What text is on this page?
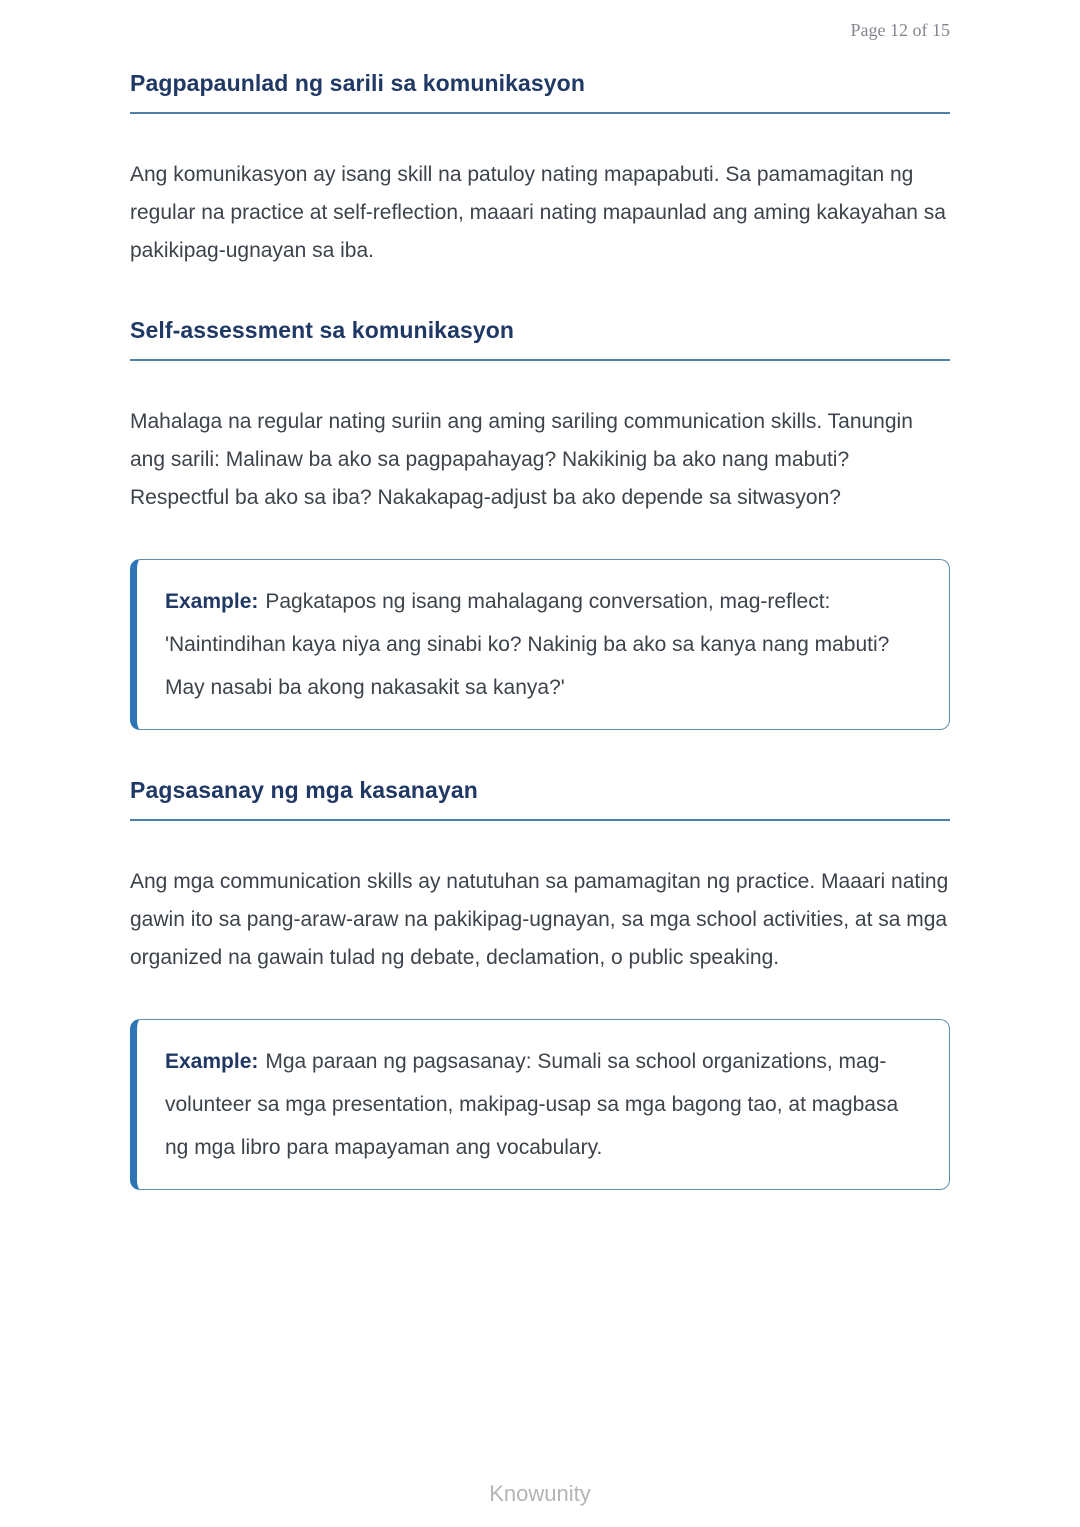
Page 12 of 15
Pagpapaunlad ng sarili sa komunikasyon

Ang komunikasyon ay isang skill na patuloy nating mapapabuti. Sa pamamagitan ng regular na practice at self-reflection, maaari nating mapaunlad ang aming kakayahan sa pakikipag-ugnayan sa iba.

Self-assessment sa komunikasyon

Mahalaga na regular nating suriin ang aming sariling communication skills. Tanungin ang sarili: Malinaw ba ako sa pagpapahayag? Nakikinig ba ako nang mabuti? Respectful ba ako sa iba? Nakakapag-adjust ba ako depende sa sitwasyon?

Example: Pagkatapos ng isang mahalagang conversation, mag-reflect: 'Naintindihan kaya niya ang sinabi ko? Nakinig ba ako sa kanya nang mabuti? May nasabi ba akong nakasakit sa kanya?'
Pagsasanay ng mga kasanayan

Ang mga communication skills ay natutuhan sa pamamagitan ng practice. Maaari nating gawin ito sa pang-araw-araw na pakikipag-ugnayan, sa mga school activities, at sa mga organized na gawain tulad ng debate, declamation, o public speaking.

Example: Mga paraan ng pagsasanay: Sumali sa school organizations, mag-volunteer sa mga presentation, makipag-usap sa mga bagong tao, at magbasa ng mga libro para mapayaman ang vocabulary.
Knowunity
